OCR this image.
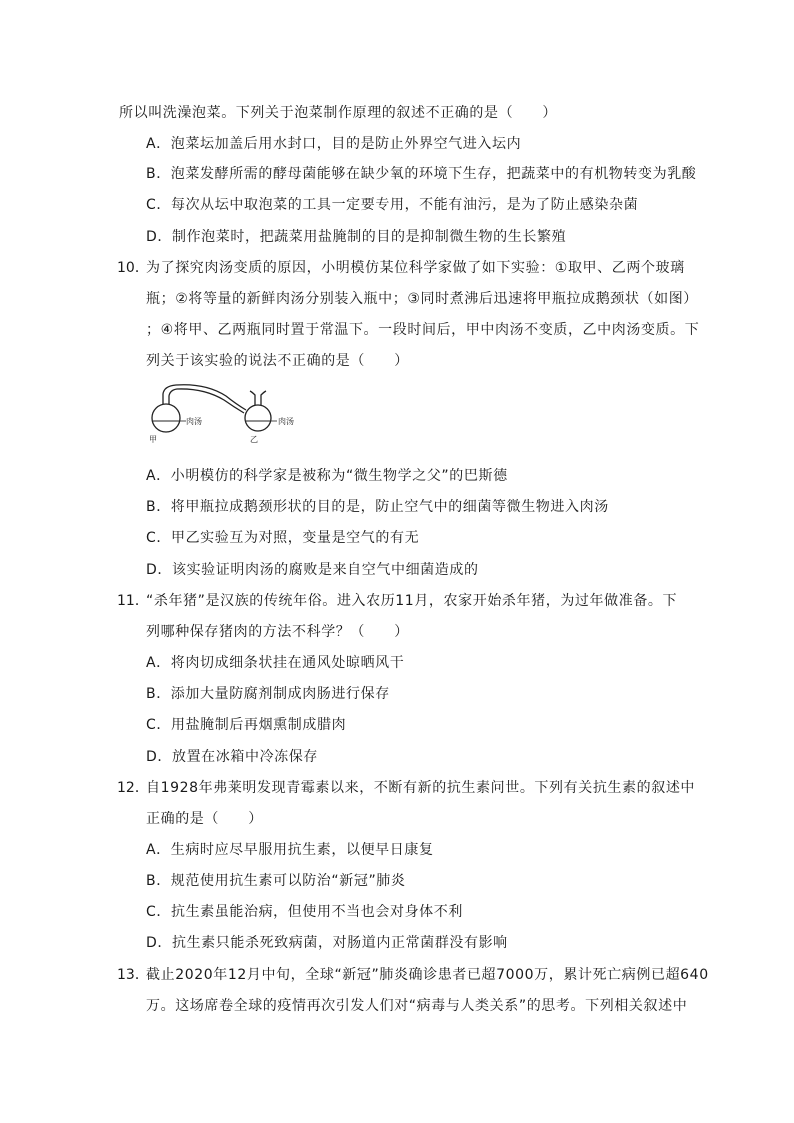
所以叫洗澡泡菜。下列关于泡菜制作原理的叙述不正确的是（　　）
A．泡菜坛加盖后用水封口，目的是防止外界空气进入坛内
B．泡菜发酵所需的酵母菌能够在缺少氧的环境下生存，把蔬菜中的有机物转变为乳酸
C．每次从坛中取泡菜的工具一定要专用，不能有油污，是为了防止感染杂菌
D．制作泡菜时，把蔬菜用盐腌制的目的是抑制微生物的生长繁殖
10．
为了探究肉汤变质的原因，小明模仿某位科学家做了如下实验：①取甲、乙两个玻璃
瓶；②将等量的新鲜肉汤分别装入瓶中；③同时煮沸后迅速将甲瓶拉成鹅颈状（如图）
；④将甲、乙两瓶同时置于常温下。一段时间后，甲中肉汤不变质，乙中肉汤变质。下
列关于该实验的说法不正确的是（　　）
甲
肉汤
乙
肉汤
A．小明模仿的科学家是被称为“微生物学之父”的巴斯德
B．将甲瓶拉成鹅颈形状的目的是，防止空气中的细菌等微生物进入肉汤
C．甲乙实验互为对照，变量是空气的有无
D．该实验证明肉汤的腐败是来自空气中细菌造成的
11．
“杀年猪”是汉族的传统年俗。进入农历11月，农家开始杀年猪，为过年做准备。下
列哪种保存猪肉的方法不科学？（　　）
A．将肉切成细条状挂在通风处晾晒风干
B．添加大量防腐剂制成肉肠进行保存
C．用盐腌制后再烟熏制成腊肉
D．放置在冰箱中冷冻保存
12．
自1928年弗莱明发现青霉素以来，不断有新的抗生素问世。下列有关抗生素的叙述中
正确的是（　　）
A．生病时应尽早服用抗生素，以便早日康复
B．规范使用抗生素可以防治“新冠”肺炎
C．抗生素虽能治病，但使用不当也会对身体不利
D．抗生素只能杀死致病菌，对肠道内正常菌群没有影响
13．
截止2020年12月中旬，全球“新冠”肺炎确诊患者已超7000万，累计死亡病例已超640
万。这场席卷全球的疫情再次引发人们对“病毒与人类关系”的思考。下列相关叙述中
